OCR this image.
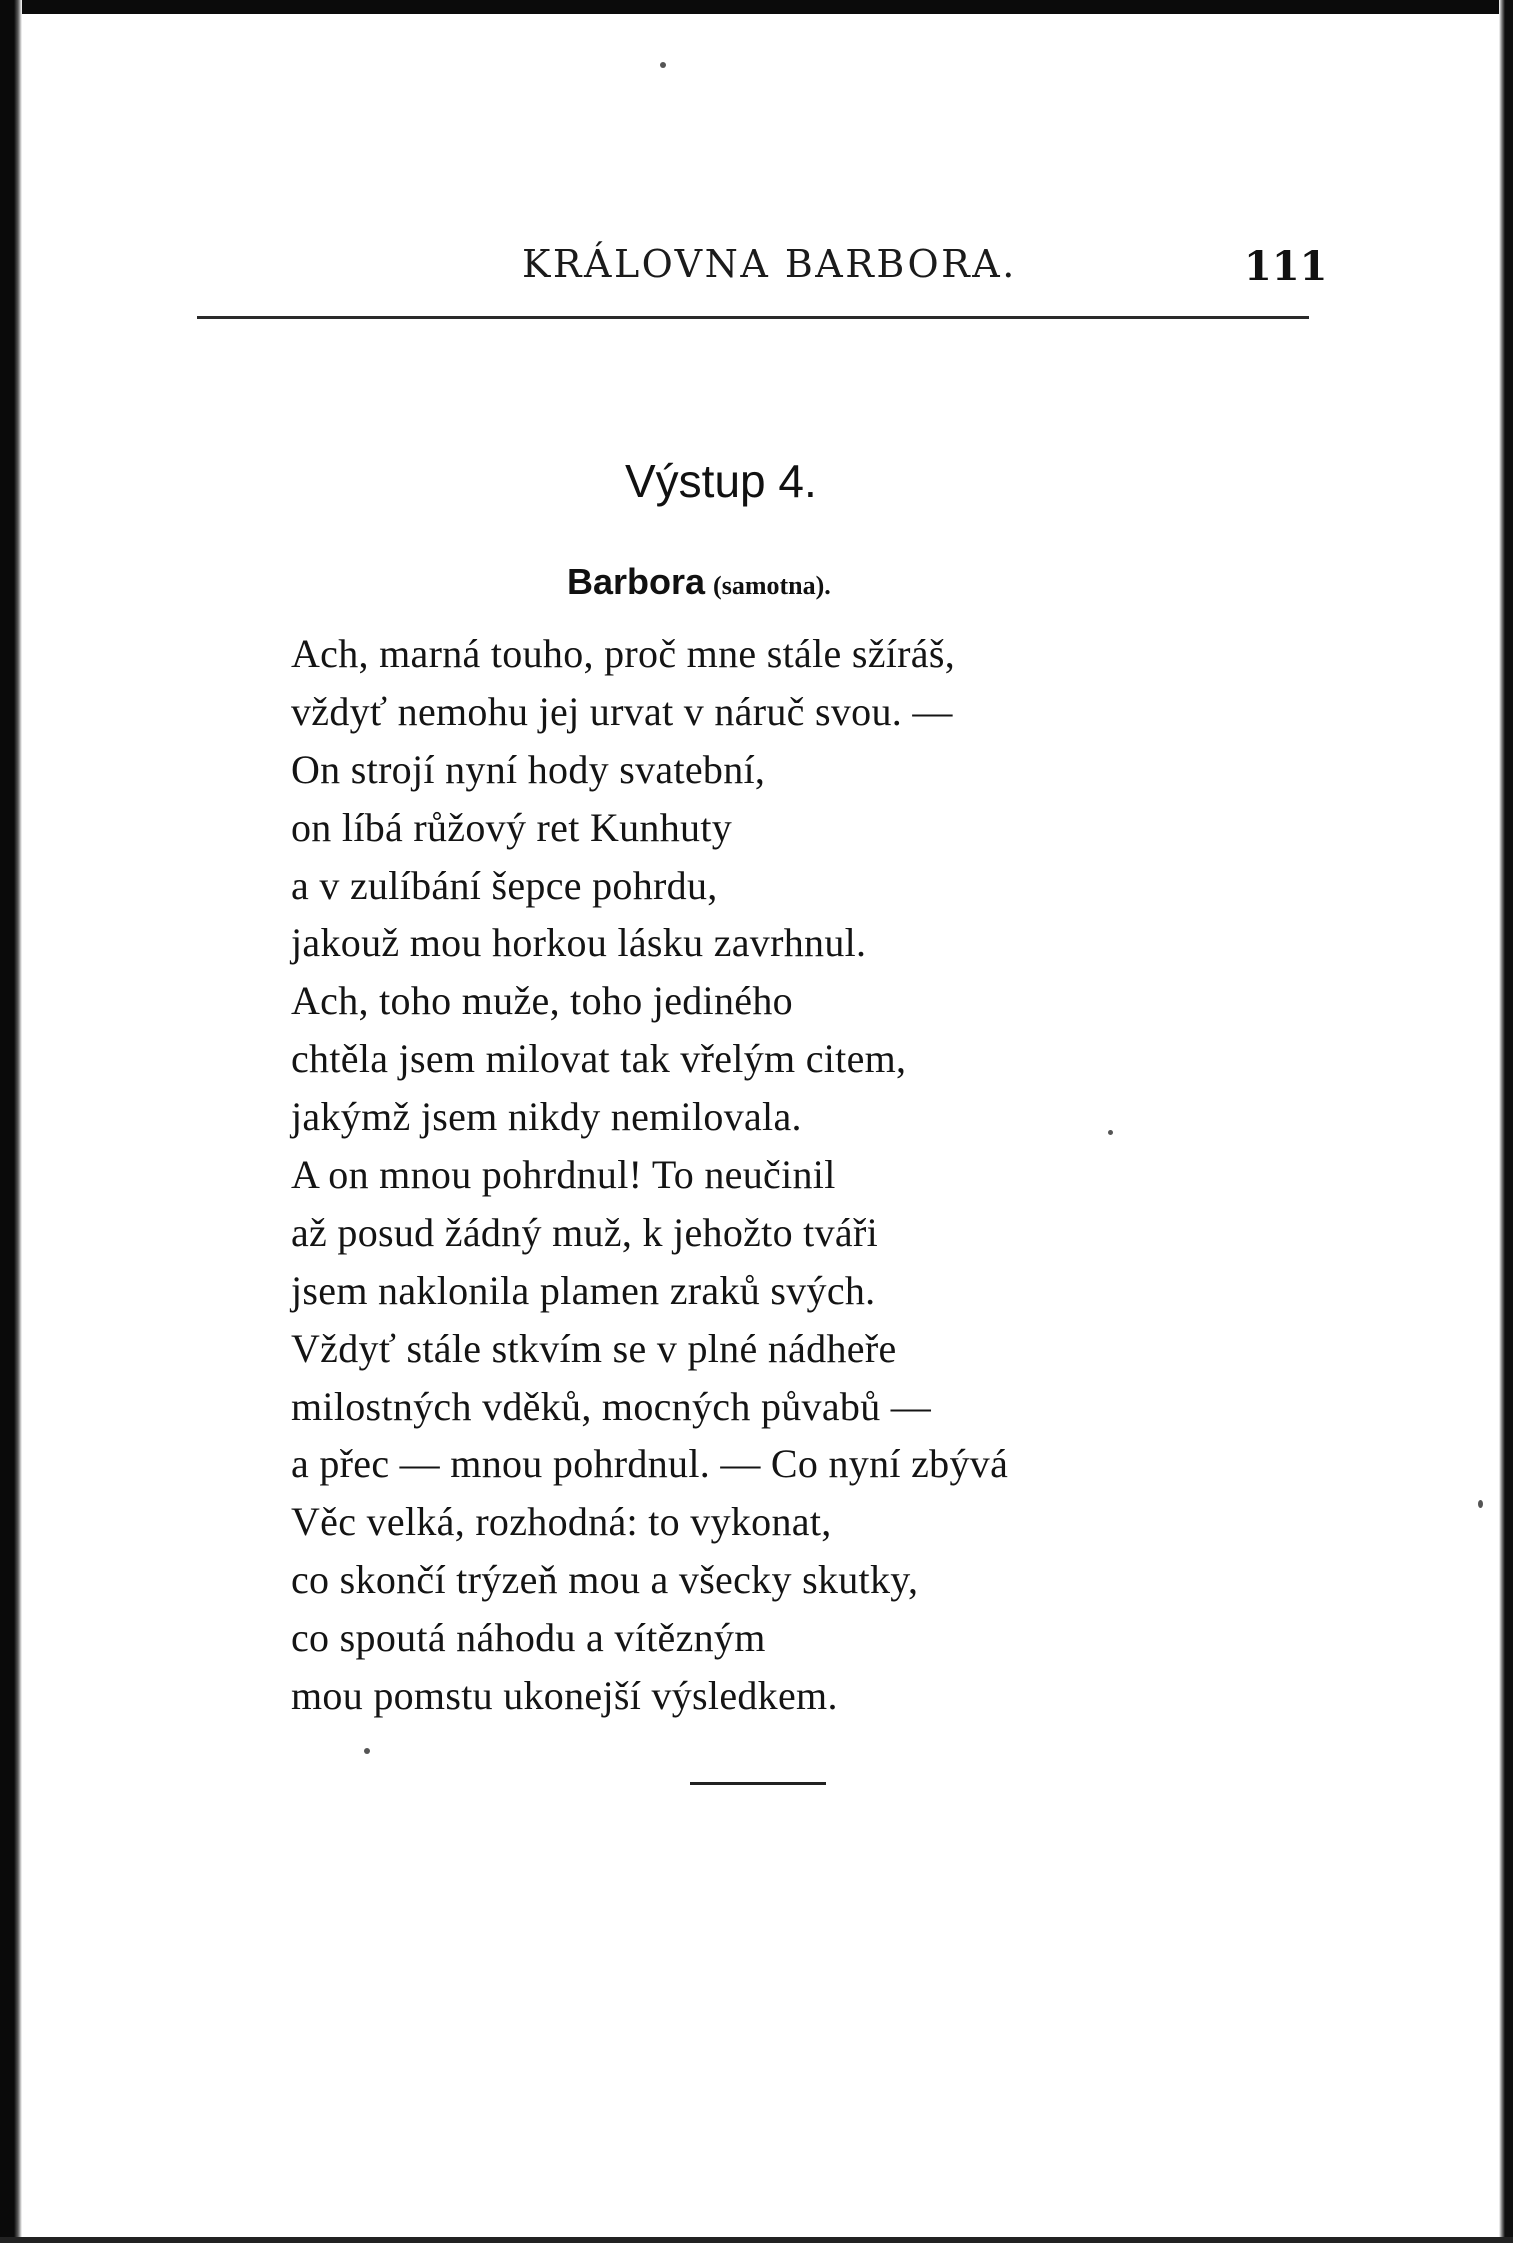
KRÁLOVNA BARBORA.	111
Výstup 4.
Barbora (samotna).
Ach, marná touho, proč mne stále sžíráš,
vždyť nemohu jej urvat v náruč svou. —
On strojí nyní hody svatební,
on líbá růžový ret Kunhuty
a v zulíbání šepce pohrdu,
jakouž mou horkou lásku zavrhnul.
Ach, toho muže, toho jediného
chtěla jsem milovat tak vřelým citem,
jakýmž jsem nikdy nemilovala.
A on mnou pohrdnul! To neučinil
až posud žádný muž, k jehožto tváři
jsem naklonila plamen zraků svých.
Vždyť stále stkvím se v plné nádheře
milostných vděků, mocných půvabů —
a přec — mnou pohrdnul. — Co nyní zbývá
Věc velká, rozhodná: to vykonat,
co skončí trýzeň mou a všecky skutky,
co spoutá náhodu a vítězným
mou pomstu ukonejší výsledkem.
